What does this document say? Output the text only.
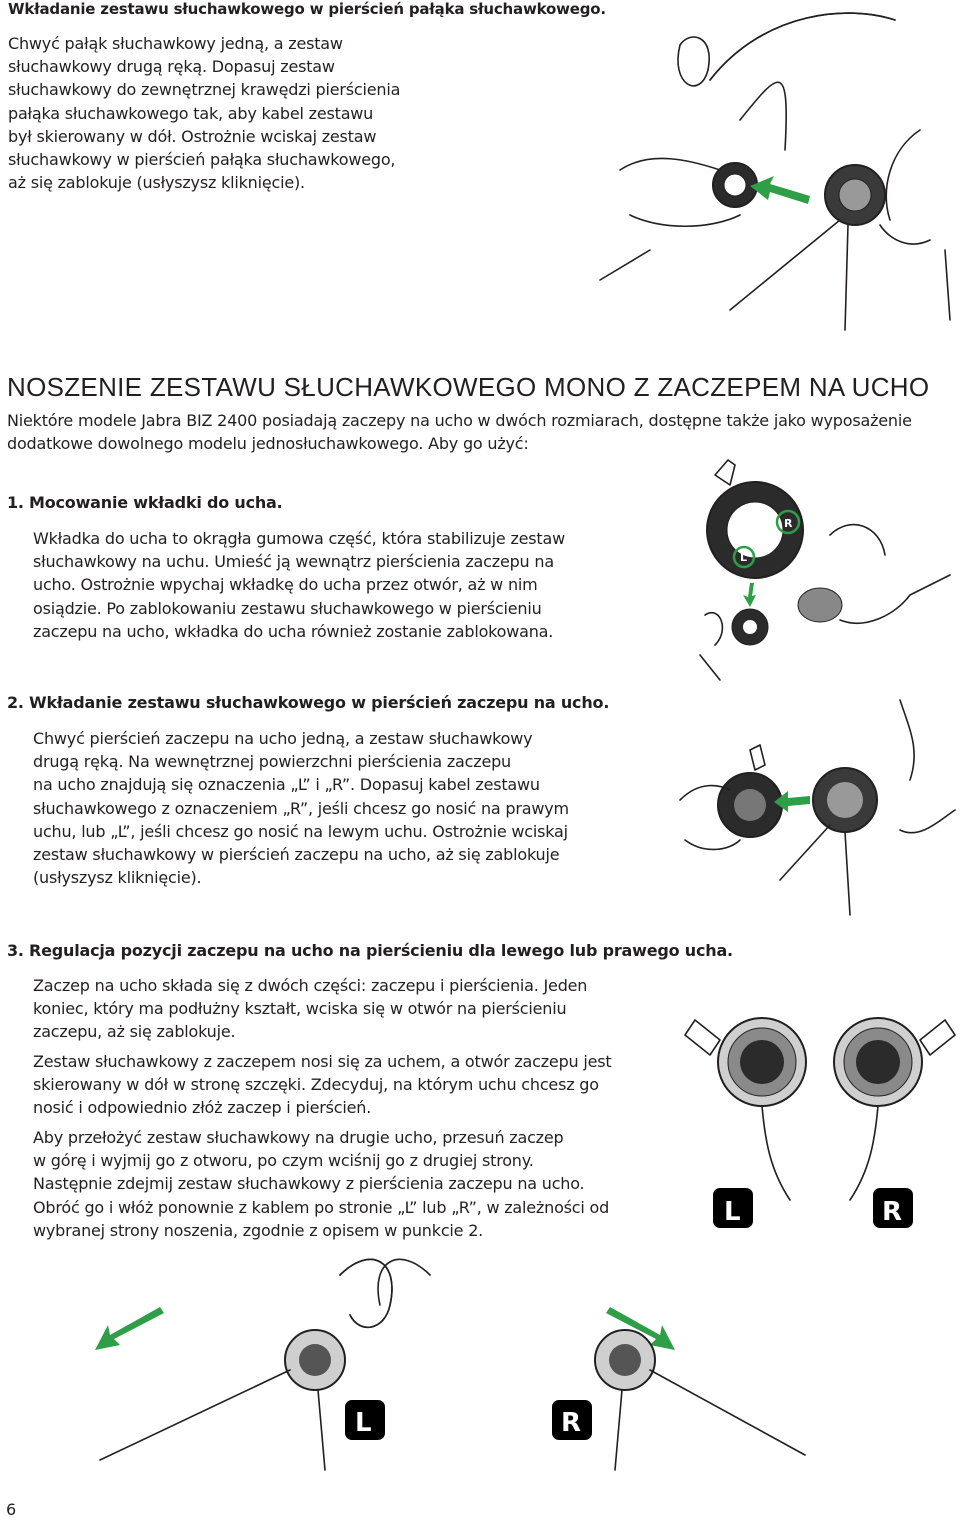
Wkładanie zestawu słuchawkowego w pierścień pałąka słuchawkowego.
Chwyć pałąk słuchawkowy jedną, a zestaw
słuchawkowy drugą ręką. Dopasuj zestaw
słuchawkowy do zewnętrznej krawędzi pierścienia
pałąka słuchawkowego tak, aby kabel zestawu
był skierowany w dół. Ostrożnie wciskaj zestaw
słuchawkowy w pierścień pałąka słuchawkowego,
aż się zablokuje (usłyszysz kliknięcie).
NOSZENIE ZESTAWU SŁUCHAWKOWEGO MONO Z ZACZEPEM NA UCHO
Niektóre modele Jabra BIZ 2400 posiadają zaczepy na ucho w dwóch rozmiarach, dostępne także jako wyposażenie
dodatkowe dowolnego modelu jednosłuchawkowego. Aby go użyć:
1. Mocowanie wkładki do ucha.
Wkładka do ucha to okrągła gumowa część, która stabilizuje zestaw
słuchawkowy na uchu. Umieść ją wewnątrz pierścienia zaczepu na
ucho. Ostrożnie wpychaj wkładkę do ucha przez otwór, aż w nim
osiądzie. Po zablokowaniu zestawu słuchawkowego w pierścieniu
zaczepu na ucho, wkładka do ucha również zostanie zablokowana.
R
L
2. Wkładanie zestawu słuchawkowego w pierścień zaczepu na ucho.
Chwyć pierścień zaczepu na ucho jedną, a zestaw słuchawkowy
drugą ręką. Na wewnętrznej powierzchni pierścienia zaczepu
na ucho znajdują się oznaczenia „L” i „R”. Dopasuj kabel zestawu
słuchawkowego z oznaczeniem „R”, jeśli chcesz go nosić na prawym
uchu, lub „L”, jeśli chcesz go nosić na lewym uchu. Ostrożnie wciskaj
zestaw słuchawkowy w pierścień zaczepu na ucho, aż się zablokuje
(usłyszysz kliknięcie).
3. Regulacja pozycji zaczepu na ucho na pierścieniu dla lewego lub prawego ucha.
Zaczep na ucho składa się z dwóch części: zaczepu i pierścienia. Jeden
koniec, który ma podłużny kształt, wciska się w otwór na pierścieniu
zaczepu, aż się zablokuje.
Zestaw słuchawkowy z zaczepem nosi się za uchem, a otwór zaczepu jest
skierowany w dół w stronę szczęki. Zdecyduj, na którym uchu chcesz go
nosić i odpowiednio złóż zaczep i pierścień.
Aby przełożyć zestaw słuchawkowy na drugie ucho, przesuń zaczep
w górę i wyjmij go z otworu, po czym wciśnij go z drugiej strony.
Następnie zdejmij zestaw słuchawkowy z pierścienia zaczepu na ucho.
Obróć go i włóż ponownie z kablem po stronie „L” lub „R”, w zależności od
wybranej strony noszenia, zgodnie z opisem w punkcie 2.
L	R
L	R
6
